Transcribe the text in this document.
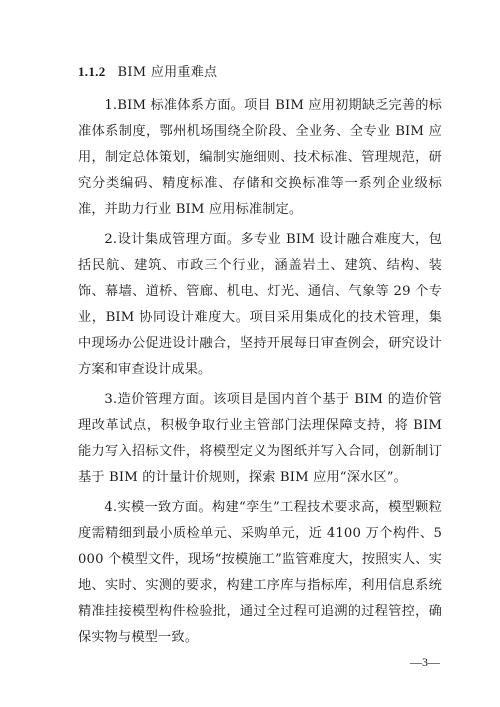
1.1.2 BIM 应用重难点

1.BIM 标准体系方面。项目 BIM 应用初期缺乏完善的标准体系制度，鄂州机场围绕全阶段、全业务、全专业 BIM 应用，制定总体策划，编制实施细则、技术标准、管理规范，研究分类编码、精度标准、存储和交换标准等一系列企业级标准，并助力行业 BIM 应用标准制定。

2.设计集成管理方面。多专业 BIM 设计融合难度大，包括民航、建筑、市政三个行业，涵盖岩土、建筑、结构、装饰、幕墙、道桥、管廊、机电、灯光、通信、气象等 29 个专业，BIM 协同设计难度大。项目采用集成化的技术管理，集中现场办公促进设计融合，坚持开展每日审查例会，研究设计方案和审查设计成果。

3.造价管理方面。该项目是国内首个基于 BIM 的造价管理改革试点，积极争取行业主管部门法理保障支持，将 BIM 能力写入招标文件，将模型定义为图纸并写入合同，创新制订基于 BIM 的计量计价规则，探索 BIM 应用“深水区”。

4.实模一致方面。构建“孪生”工程技术要求高，模型颗粒度需精细到最小质检单元、采购单元，近 4100 万个构件、5000 个模型文件，现场“按模施工”监管难度大，按照实人、实地、实时、实测的要求，构建工序库与指标库，利用信息系统精准挂接模型构件检验批，通过全过程可追溯的过程管控，确保实物与模型一致。

—3—
